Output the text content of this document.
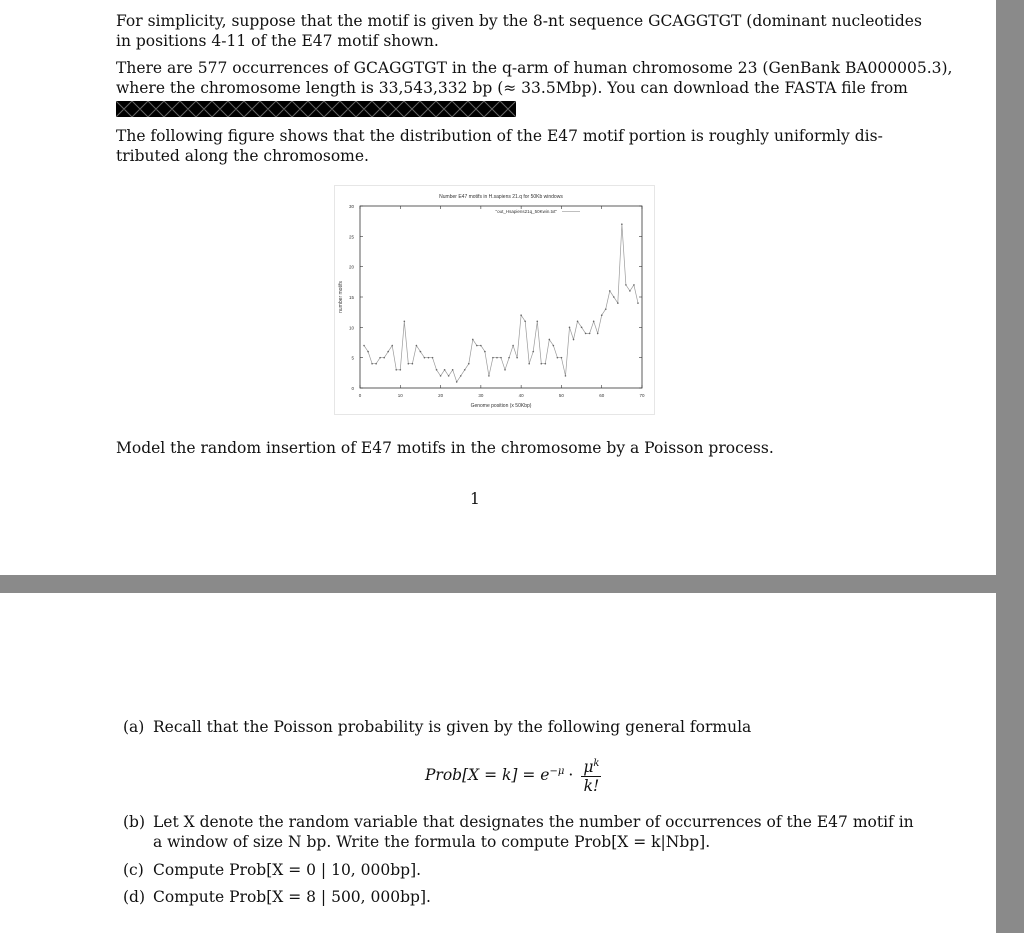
For simplicity, suppose that the motif is given by the 8-nt sequence GCAGGTGT (dominant nucleotides
in positions 4-11 of the E47 motif shown.
There are 577 occurrences of GCAGGTGT in the q-arm of human chromosome 23 (GenBank BA000005.3),
where the chromosome length is 33,543,332 bp (≈ 33.5Mbp). You can download the FASTA file from
The following figure shows that the distribution of the E47 motif portion is roughly uniformly dis-
tributed along the chromosome.
0
5
10
15
20
25
30
0	10	20	30	40	50	60	70
Number E47 motifs in H.sapiens 21.q for 50Kb windows
Genome position (x 50Kbp)
number motifs
"out_Hsapiens21q_50Kwin.txt"
Model the random insertion of E47 motifs in the chromosome by a Poisson process.
1
(a) Recall that the Poisson probability is given by the following general formula
Prob[X = $k] = e^{-\mu} \cdot \frac{\mu^k}{k!}$
(b) Let X denote the random variable that designates the number of occurrences of the E47 motif in
a window of size N bp. Write the formula to compute Prob[X = k|Nbp].
(c) Compute Prob[X = 0 | 10, 000bp].
(d) Compute Prob[X = 8 | 500, 000bp].
